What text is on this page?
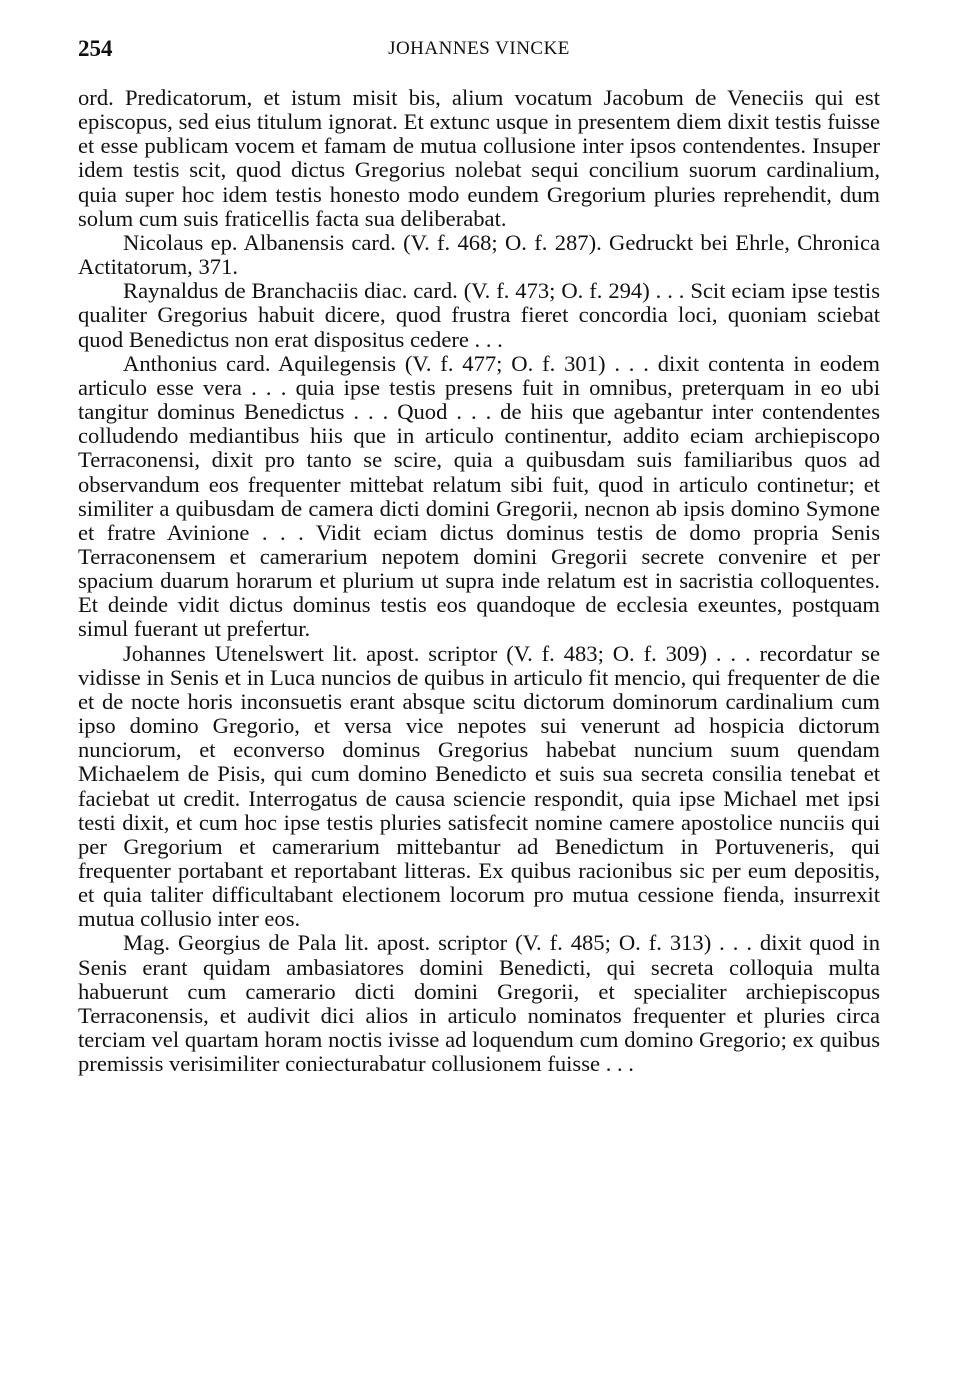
254	JOHANNES VINCKE

ord. Predicatorum, et istum misit bis, alium vocatum Jacobum de Veneciis qui est episcopus, sed eius titulum ignorat. Et extunc usque in presentem diem dixit testis fuisse et esse publicam vocem et famam de mutua collusione inter ipsos contendentes. Insuper idem testis scit, quod dictus Gregorius nolebat sequi concilium suorum cardinalium, quia super hoc idem testis honesto modo eundem Gregorium pluries reprehendit, dum solum cum suis fraticellis facta sua deliberabat.

Nicolaus ep. Albanensis card. (V. f. 468; O. f. 287). Gedruckt bei Ehrle, Chronica Actitatorum, 371.

Raynaldus de Branchaciis diac. card. (V. f. 473; O. f. 294) . . . Scit eciam ipse testis qualiter Gregorius habuit dicere, quod frustra fieret concordia loci, quoniam sciebat quod Benedictus non erat dispositus cedere . . .

Anthonius card. Aquilegensis (V. f. 477; O. f. 301) . . . dixit contenta in eodem articulo esse vera . . . quia ipse testis presens fuit in omnibus, preterquam in eo ubi tangitur dominus Benedictus . . . Quod . . . de hiis que agebantur inter contendentes colludendo mediantibus hiis que in articulo continentur, addito eciam archiepiscopo Terraconensi, dixit pro tanto se scire, quia a quibusdam suis familiaribus quos ad observandum eos frequenter mittebat relatum sibi fuit, quod in articulo continetur; et similiter a quibusdam de camera dicti domini Gregorii, necnon ab ipsis domino Symone et fratre Avinione . . . Vidit eciam dictus dominus testis de domo propria Senis Terraconensem et camerarium nepotem domini Gregorii secrete convenire et per spacium duarum horarum et plurium ut supra inde relatum est in sacristia colloquentes. Et deinde vidit dictus dominus testis eos quandoque de ecclesia exeuntes, postquam simul fuerant ut prefertur.

Johannes Utenelswert lit. apost. scriptor (V. f. 483; O. f. 309) . . . recordatur se vidisse in Senis et in Luca nuncios de quibus in articulo fit mencio, qui frequenter de die et de nocte horis inconsuetis erant absque scitu dictorum dominorum cardinalium cum ipso domino Gregorio, et versa vice nepotes sui venerunt ad hospicia dictorum nunciorum, et econverso dominus Gregorius habebat nuncium suum quendam Michaelem de Pisis, qui cum domino Benedicto et suis sua secreta consilia tenebat et faciebat ut credit. Interrogatus de causa sciencie respondit, quia ipse Michael met ipsi testi dixit, et cum hoc ipse testis pluries satisfecit nomine camere apostolice nunciis qui per Gregorium et camerarium mittebantur ad Benedictum in Portuveneris, qui frequenter portabant et reportabant litteras. Ex quibus racionibus sic per eum depositis, et quia taliter difficultabant electionem locorum pro mutua cessione fienda, insurrexit mutua collusio inter eos.

Mag. Georgius de Pala lit. apost. scriptor (V. f. 485; O. f. 313) . . . dixit quod in Senis erant quidam ambasiatores domini Benedicti, qui secreta colloquia multa habuerunt cum camerario dicti domini Gregorii, et specialiter archiepiscopus Terraconensis, et audivit dici alios in articulo nominatos frequenter et pluries circa terciam vel quartam horam noctis ivisse ad loquendum cum domino Gregorio; ex quibus premissis verisimiliter coniecturabatur collusionem fuisse . . .
